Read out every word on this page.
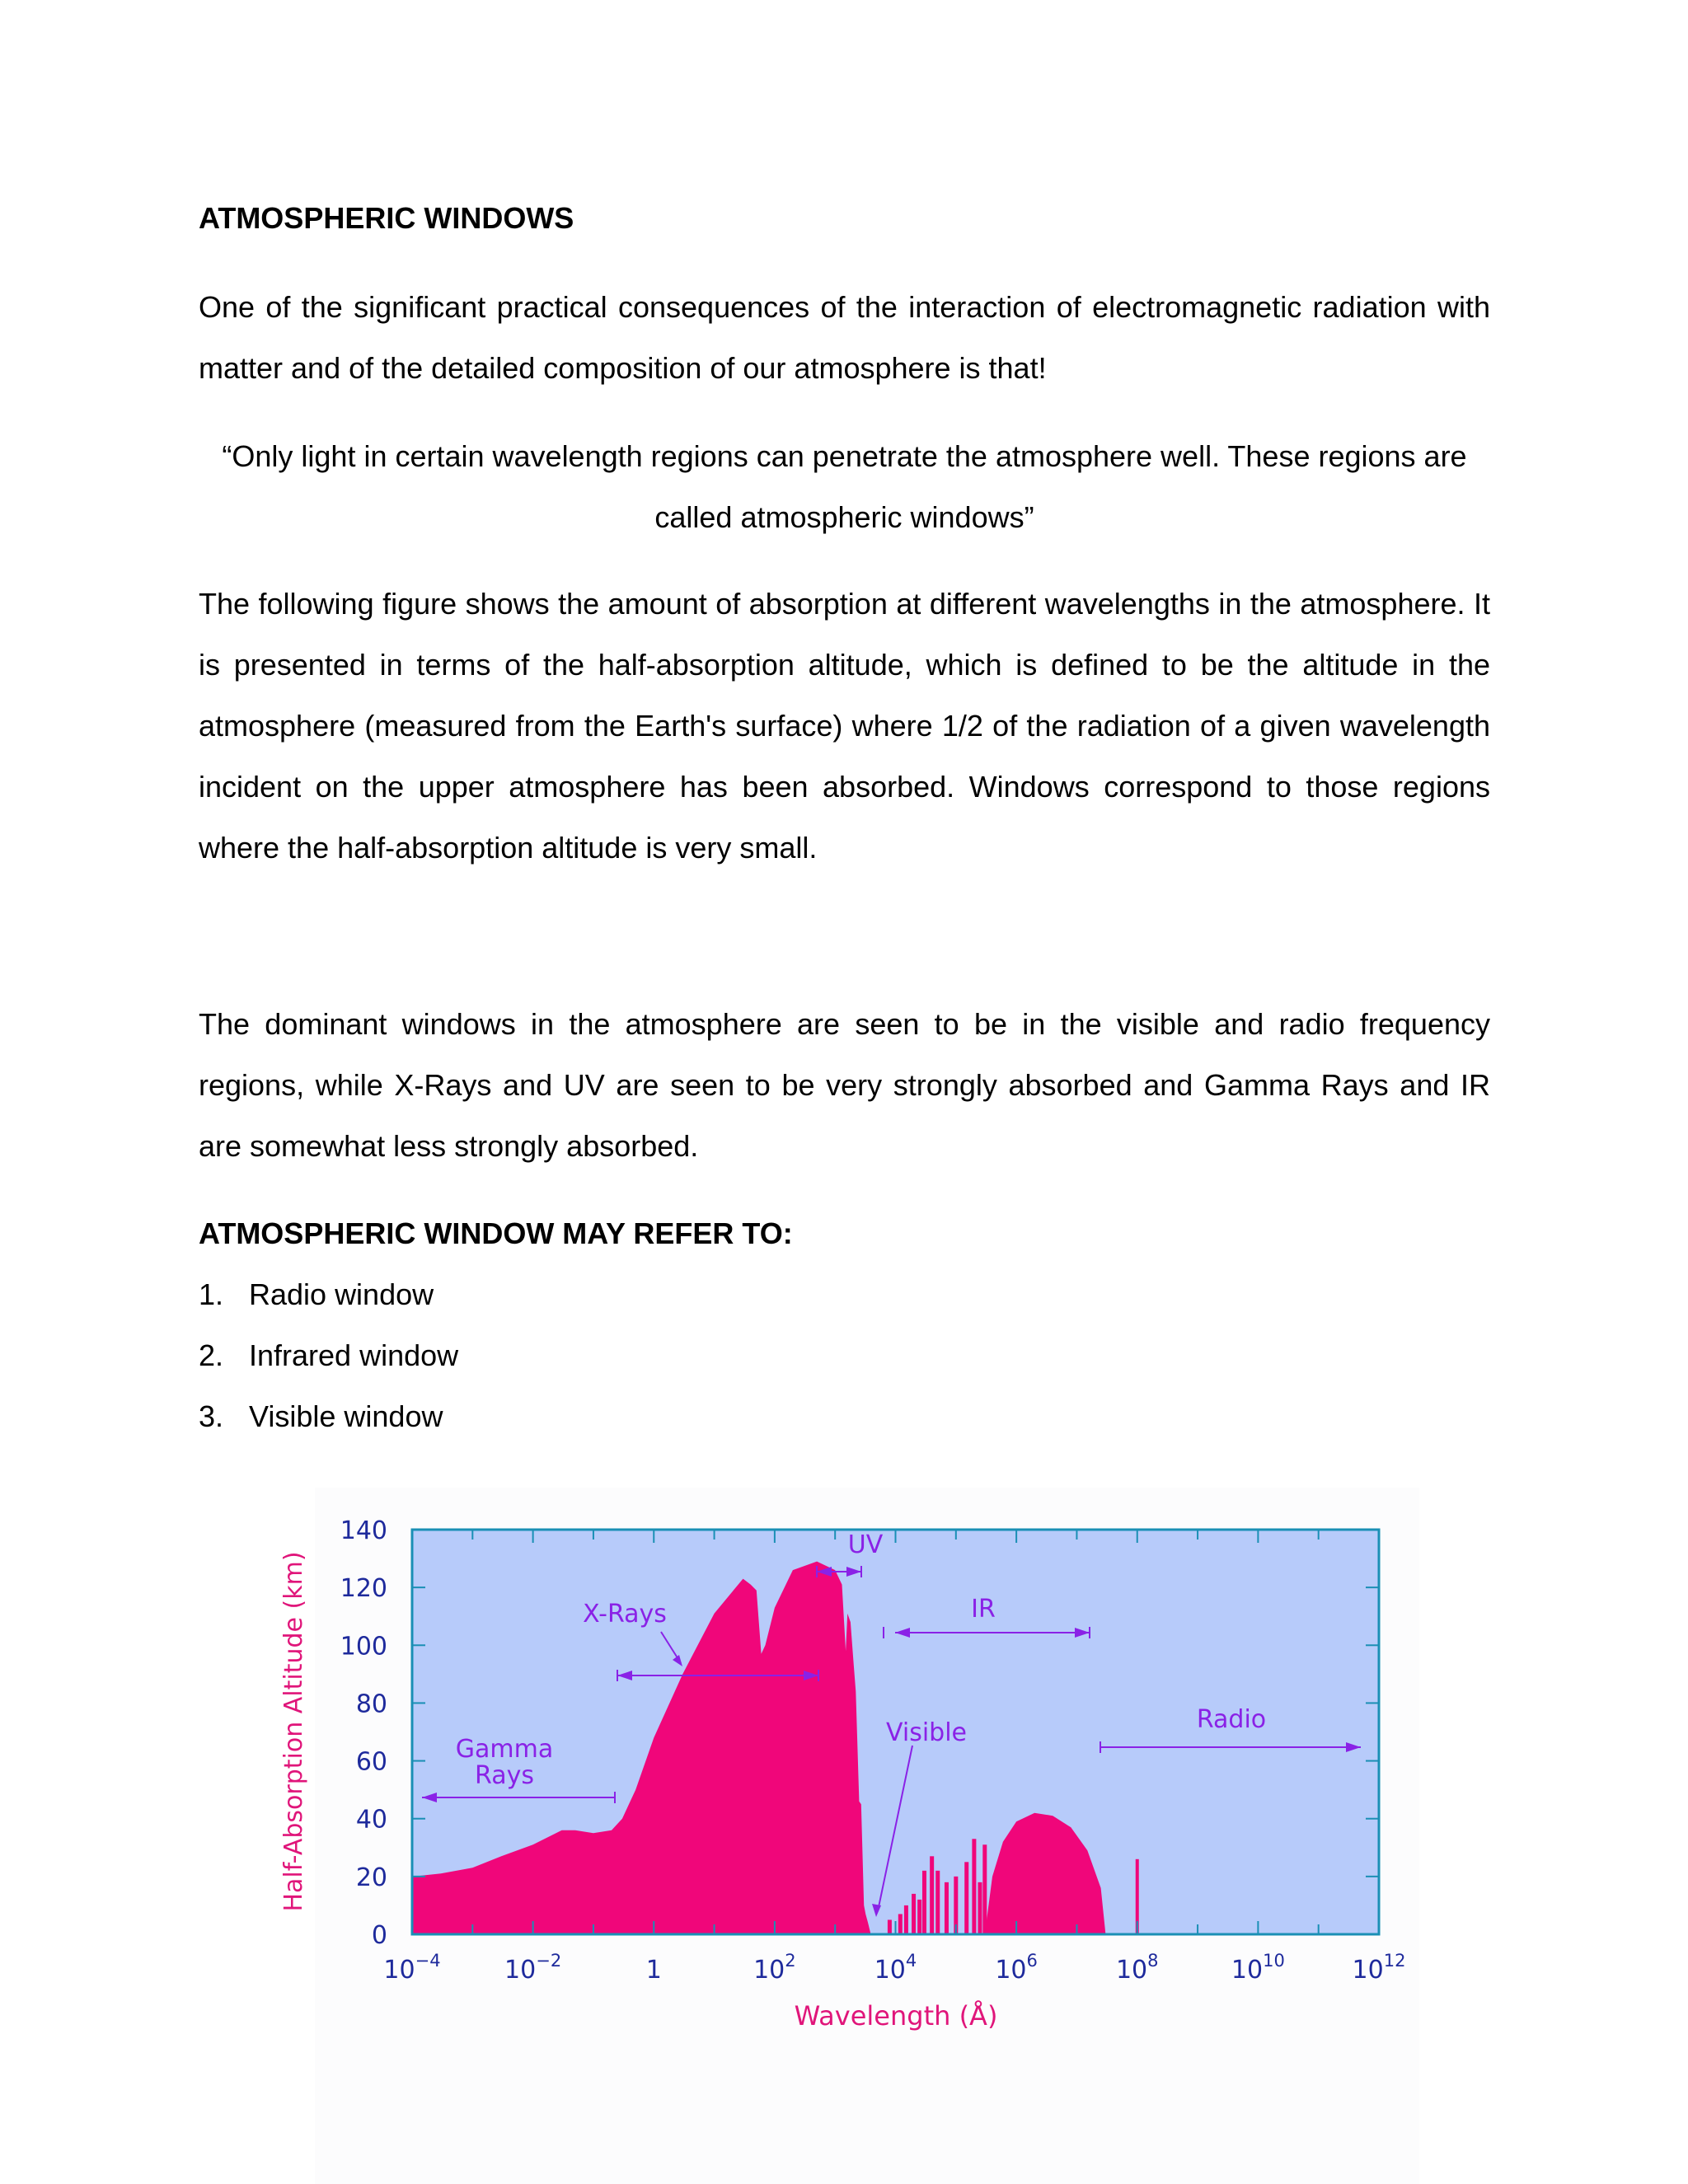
ATMOSPHERIC WINDOWS

One of the significant practical consequences of the interaction of electromagnetic radiation with matter and of the detailed composition of our atmosphere is that!

“Only light in certain wavelength regions can penetrate the atmosphere well. These regions are called atmospheric windows”

The following figure shows the amount of absorption at different wavelengths in the atmosphere. It is presented in terms of the half-absorption altitude, which is defined to be the altitude in the atmosphere (measured from the Earth's surface) where 1/2 of the radiation of a given wavelength incident on the upper atmosphere has been absorbed. Windows correspond to those regions where the half-absorption altitude is very small.

The dominant windows in the atmosphere are seen to be in the visible and radio frequency regions, while X-Rays and UV are seen to be very strongly absorbed and Gamma Rays and IR are somewhat less strongly absorbed.

ATMOSPHERIC WINDOW MAY REFER TO:
1. Radio window
2. Infrared window
3. Visible window
0
20
40
60
80
100
120
140
$10^{-4}$	$10^{-2}$	1	$10^2$	$10^4$	$10^6$	$10^8$	$10^{10}$	$10^{12}$
Wavelength (Å)
Half-Absorption Altitude (km)	Gamma
Rays
X-Rays
UV
Visible
IR
Radio
